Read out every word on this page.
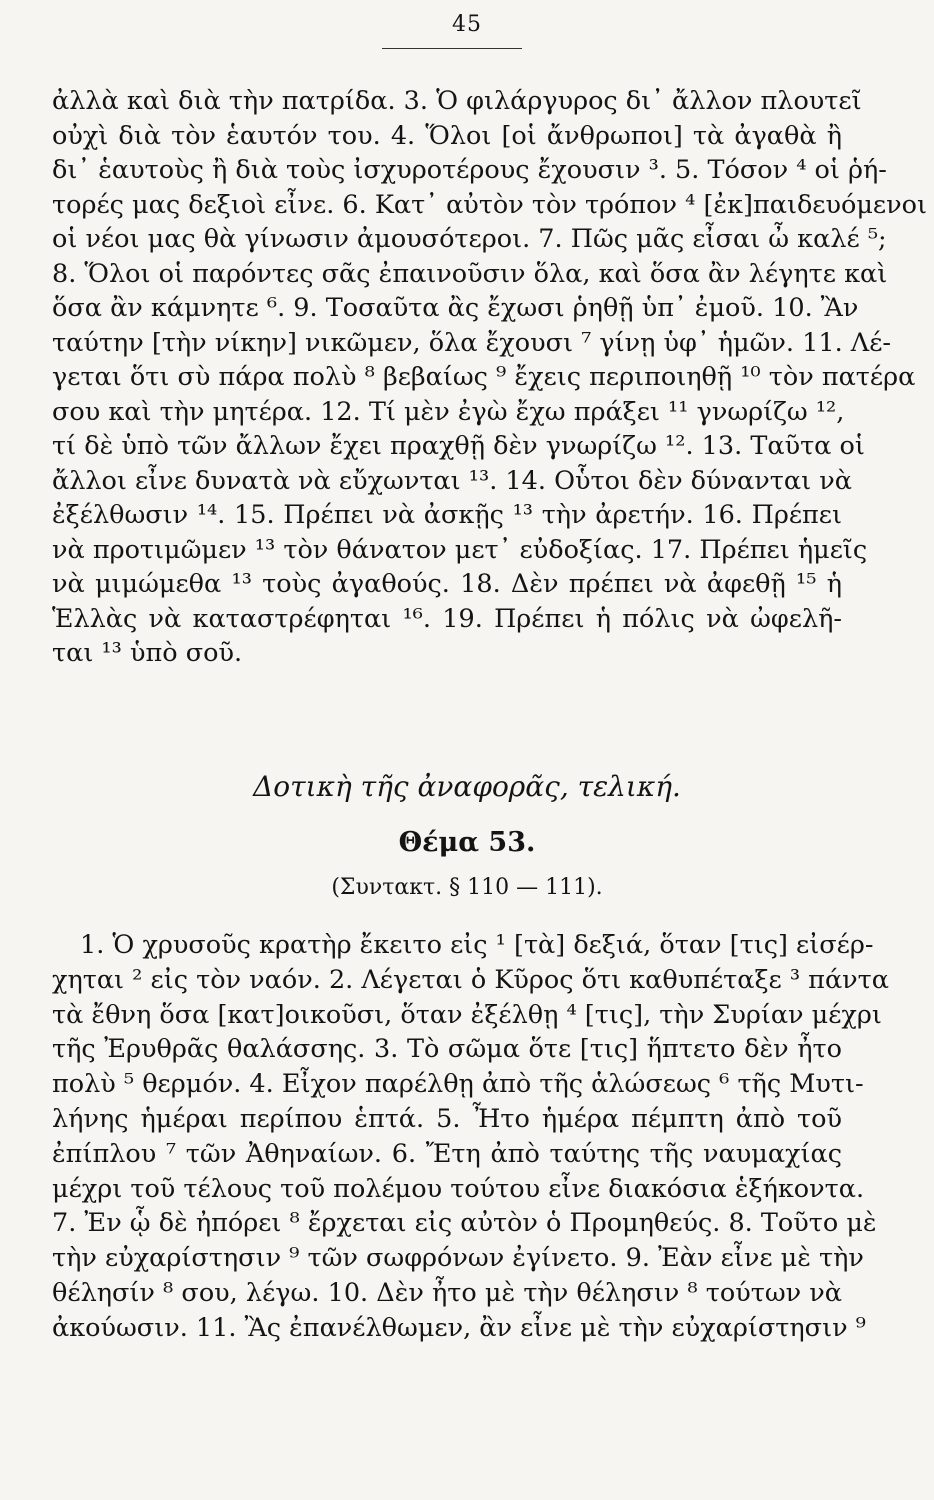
45
ἀλλὰ καὶ διὰ τὴν πατρίδα. 3. Ὁ φιλάργυρος δι᾽ ἄλλον πλουτεῖ
οὐχὶ διὰ τὸν ἑαυτόν του. 4. Ὅλοι [οἱ ἄνθρωποι] τὰ ἀγαθὰ ἢ
δι᾽ ἑαυτοὺς ἢ διὰ τοὺς ἰσχυροτέρους ἔχουσιν ³. 5. Τόσον ⁴ οἱ ῥή-
τορές μας δεξιοὶ εἶνε. 6. Κατ᾽ αὐτὸν τὸν τρόπον ⁴ [ἐκ]παιδευόμενοι
οἱ νέοι μας θὰ γίνωσιν ἀμουσότεροι. 7. Πῶς μᾶς εἶσαι ὦ καλέ ⁵;
8. Ὅλοι οἱ παρόντες σᾶς ἐπαινοῦσιν ὅλα, καὶ ὅσα ἂν λέγητε καὶ
ὅσα ἂν κάμνητε ⁶. 9. Τοσαῦτα ἂς ἔχωσι ῥηθῇ ὑπ᾽ ἐμοῦ. 10. Ἂν
ταύτην [τὴν νίκην] νικῶμεν, ὅλα ἔχουσι ⁷ γίνῃ ὑφ᾽ ἡμῶν. 11. Λέ-
γεται ὅτι σὺ πάρα πολὺ ⁸ βεβαίως ⁹ ἔχεις περιποιηθῇ ¹⁰ τὸν πατέρα
σου καὶ τὴν μητέρα. 12. Τί μὲν ἐγὼ ἔχω πράξει ¹¹ γνωρίζω ¹²,
τί δὲ ὑπὸ τῶν ἄλλων ἔχει πραχθῇ δὲν γνωρίζω ¹². 13. Ταῦτα οἱ
ἄλλοι εἶνε δυνατὰ νὰ εὔχωνται ¹³. 14. Οὗτοι δὲν δύνανται νὰ
ἐξέλθωσιν ¹⁴. 15. Πρέπει νὰ ἀσκῇς ¹³ τὴν ἀρετήν. 16. Πρέπει
νὰ προτιμῶμεν ¹³ τὸν θάνατον μετ᾽ εὐδοξίας. 17. Πρέπει ἡμεῖς
νὰ μιμώμεθα ¹³ τοὺς ἀγαθούς. 18. Δὲν πρέπει νὰ ἀφεθῇ ¹⁵ ἡ
Ἑλλὰς νὰ καταστρέφηται ¹⁶. 19. Πρέπει ἡ πόλις νὰ ὠφελῆ-
ται ¹³ ὑπὸ σοῦ.
Δοτικὴ τῆς ἀναφορᾶς, τελική.
Θέμα 53.
(Συντακτ. § 110 — 111).
1. Ὁ χρυσοῦς κρατὴρ ἔκειτο εἰς ¹ [τὰ] δεξιά, ὅταν [τις] εἰσέρ-
χηται ² εἰς τὸν ναόν. 2. Λέγεται ὁ Κῦρος ὅτι καθυπέταξε ³ πάντα
τὰ ἔθνη ὅσα [κατ]οικοῦσι, ὅταν ἐξέλθῃ ⁴ [τις], τὴν Συρίαν μέχρι
τῆς Ἐρυθρᾶς θαλάσσης. 3. Τὸ σῶμα ὅτε [τις] ἥπτετο δὲν ἦτο
πολὺ ⁵ θερμόν. 4. Εἶχον παρέλθῃ ἀπὸ τῆς ἁλώσεως ⁶ τῆς Μυτι-
λήνης ἡμέραι περίπου ἑπτά. 5. Ἦτο ἡμέρα πέμπτη ἀπὸ τοῦ
ἐπίπλου ⁷ τῶν Ἀθηναίων. 6. Ἔτη ἀπὸ ταύτης τῆς ναυμαχίας
μέχρι τοῦ τέλους τοῦ πολέμου τούτου εἶνε διακόσια ἑξήκοντα.
7. Ἐν ᾧ δὲ ἠπόρει ⁸ ἔρχεται εἰς αὐτὸν ὁ Προμηθεύς. 8. Τοῦτο μὲ
τὴν εὐχαρίστησιν ⁹ τῶν σωφρόνων ἐγίνετο. 9. Ἐὰν εἶνε μὲ τὴν
θέλησίν ⁸ σου, λέγω. 10. Δὲν ἦτο μὲ τὴν θέλησιν ⁸ τούτων νὰ
ἀκούωσιν. 11. Ἂς ἐπανέλθωμεν, ἂν εἶνε μὲ τὴν εὐχαρίστησιν ⁹
